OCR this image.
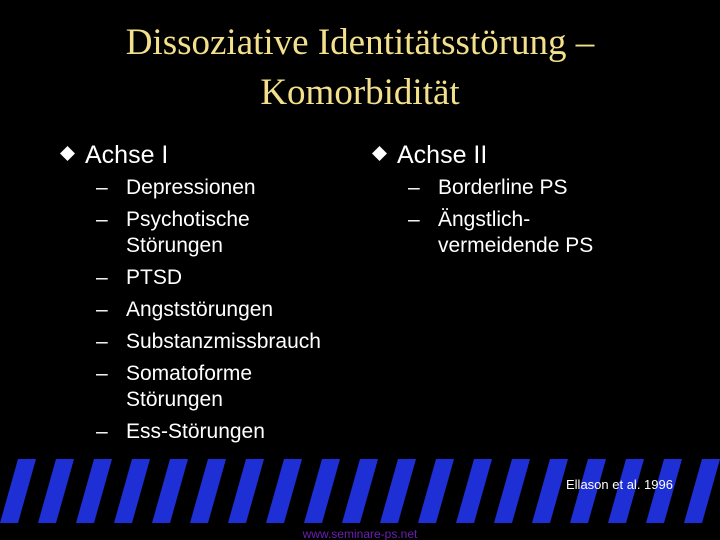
Dissoziative Identitätsstörung –
Komorbidität
Achse I
– Depressionen
– Psychotische Störungen
– PTSD
– Angststörungen
– Substanzmissbrauch
– Somatoforme Störungen
– Ess-Störungen
Achse II
– Borderline PS
– Ängstlich-vermeidende PS
Ellason et al. 1996
www.seminare-ps.net
